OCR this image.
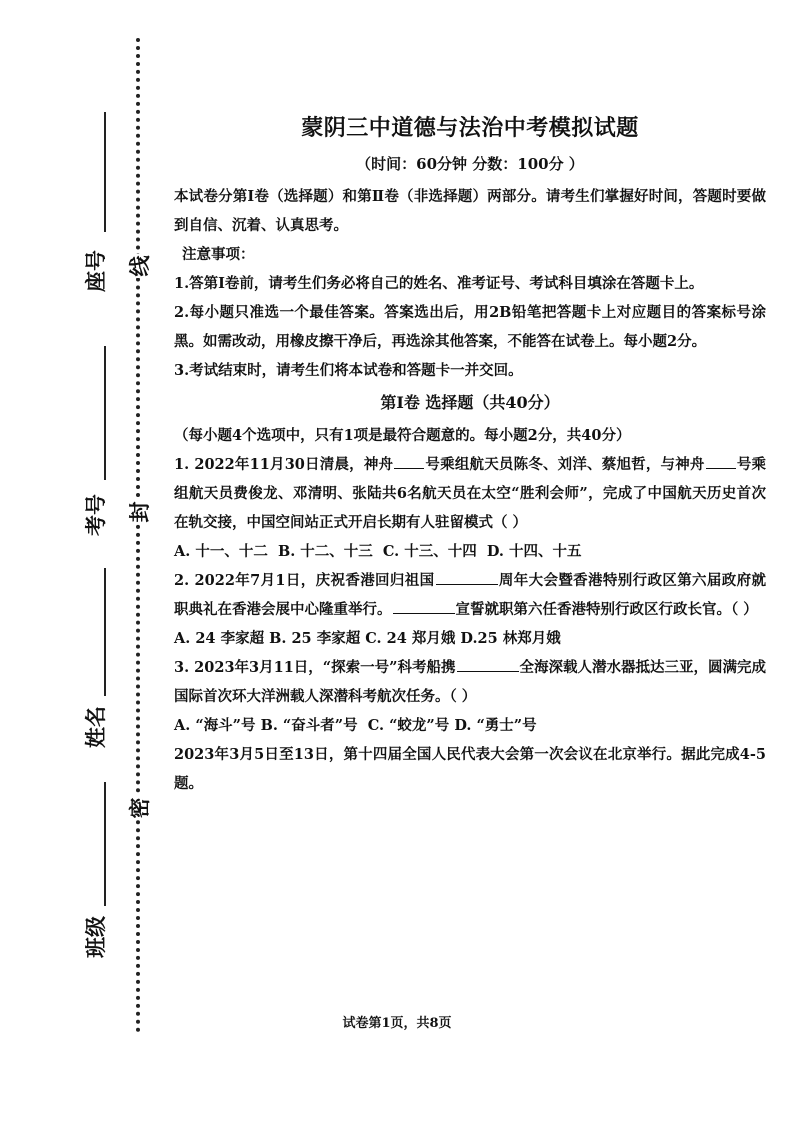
线
封
密
座号
考号
姓名
班级
蒙阴三中道德与法治中考模拟试题
（时间：60分钟 分数：100分 ）

本试卷分第Ⅰ卷（选择题）和第Ⅱ卷（非选择题）两部分。请考生们掌握好时间，答题时要做到自信、沉着、认真思考。

注意事项：

1.答第Ⅰ卷前，请考生们务必将自己的姓名、准考证号、考试科目填涂在答题卡上。

2.每小题只准选一个最佳答案。答案选出后，用2B铅笔把答题卡上对应题目的答案标号涂黑。如需改动，用橡皮擦干净后，再选涂其他答案，不能答在试卷上。每小题2分。

3.考试结束时，请考生们将本试卷和答题卡一并交回。

第Ⅰ卷 选择题（共40分）

（每小题4个选项中，只有1项是最符合题意的。每小题2分，共40分）

1. 2022年11月30日清晨，神舟 号乘组航天员陈冬、刘洋、蔡旭哲，与神舟 号乘组航天员费俊龙、邓清明、张陆共6名航天员在太空“胜利会师”，完成了中国航天历史首次在轨交接，中国空间站正式开启长期有人驻留模式（ ）

A. 十一、十二  B. 十二、十三  C. 十三、十四  D. 十四、十五

2. 2022年7月1日，庆祝香港回归祖国	周年大会暨香港特别行政区第六届政府就职典礼在香港会展中心隆重举行。	宣誓就职第六任香港特别行政区行政长官。（ ）

A. 24 李家超 B. 25 李家超 C. 24 郑月娥 D.25 林郑月娥

3. 2023年3月11日，“探索一号”科考船携	全海深载人潜水器抵达三亚，圆满完成国际首次环大洋洲载人深潜科考航次任务。（ ）

A. “海斗”号 B. “奋斗者”号  C. “蛟龙”号 D. “勇士”号

2023年3月5日至13日，第十四届全国人民代表大会第一次会议在北京举行。据此完成4-5题。

试卷第1页，共8页
